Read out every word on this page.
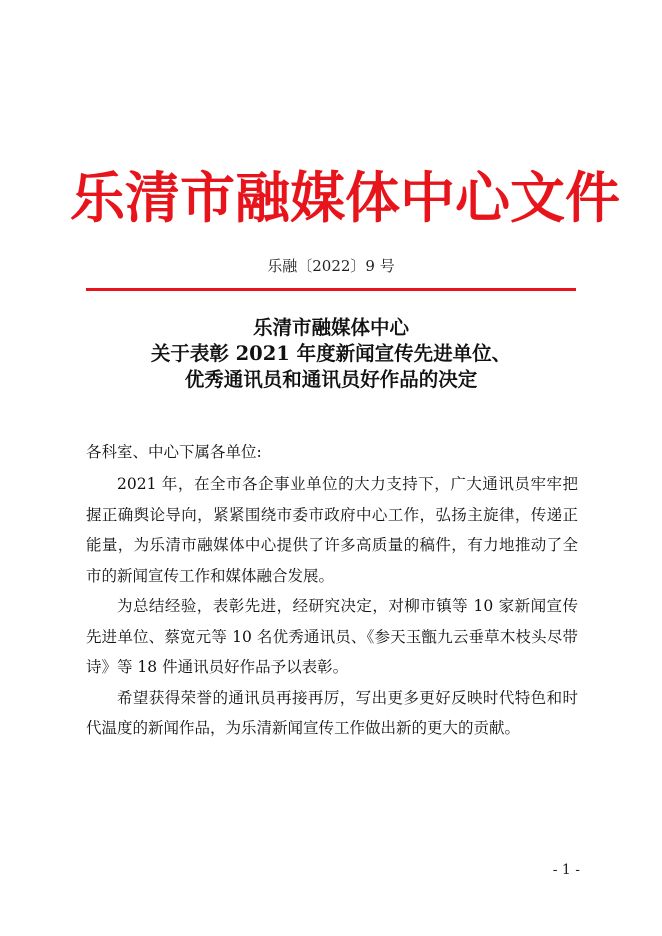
乐清市融媒体中心文件
乐融〔2022〕9 号
乐清市融媒体中心
关于表彰 2021 年度新闻宣传先进单位、
优秀通讯员和通讯员好作品的决定
各科室、中心下属各单位:

2021 年，在全市各企事业单位的大力支持下，广大通讯员牢牢把握正确舆论导向，紧紧围绕市委市政府中心工作，弘扬主旋律，传递正能量，为乐清市融媒体中心提供了许多高质量的稿件，有力地推动了全市的新闻宣传工作和媒体融合发展。

为总结经验，表彰先进，经研究决定，对柳市镇等 10 家新闻宣传先进单位、蔡宽元等 10 名优秀通讯员、《参天玉甑九云垂草木枝头尽带诗》等 18 件通讯员好作品予以表彰。

希望获得荣誉的通讯员再接再厉，写出更多更好反映时代特色和时代温度的新闻作品，为乐清新闻宣传工作做出新的更大的贡献。

- 1 -
